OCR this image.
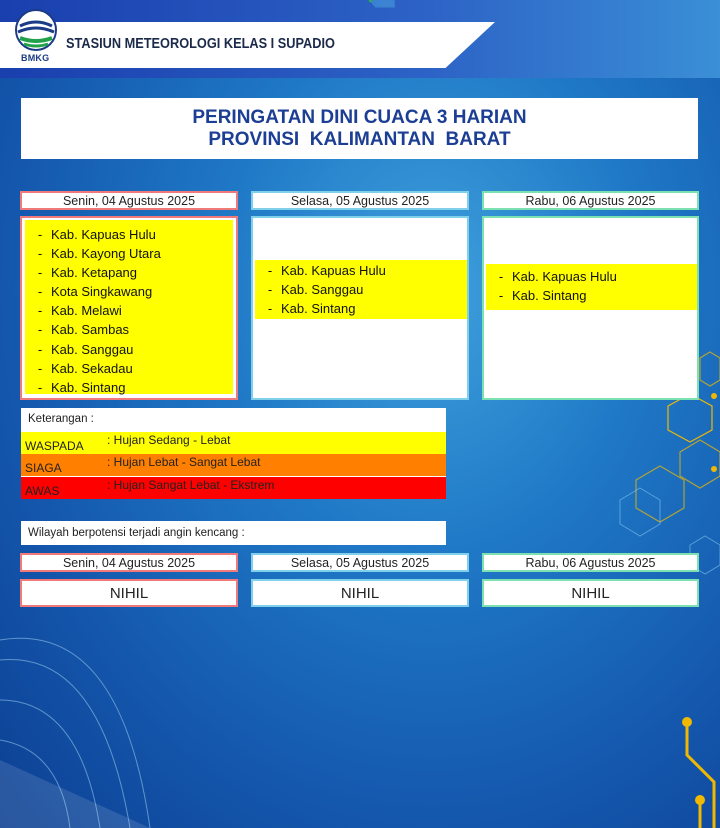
BMKG
STASIUN METEOROLOGI KELAS I SUPADIO
PERINGATAN DINI CUACA 3 HARIAN
PROVINSI  KALIMANTAN  BARAT
Senin, 04 Agustus 2025
- Kab. Kapuas Hulu
- Kab. Kayong Utara
- Kab. Ketapang
- Kota Singkawang
- Kab. Melawi
- Kab. Sambas
- Kab. Sanggau
- Kab. Sekadau
- Kab. Sintang
Selasa, 05 Agustus 2025
- Kab. Kapuas Hulu
- Kab. Sanggau
- Kab. Sintang
Rabu, 06 Agustus 2025
- Kab. Kapuas Hulu
- Kab. Sintang
Keterangan :
WASPADA : Hujan Sedang - Lebat
SIAGA	: Hujan Lebat - Sangat Lebat
AWAS	: Hujan Sangat Lebat - Ekstrem
Wilayah berpotensi terjadi angin kencang :
Senin, 04 Agustus 2025
NIHIL
Selasa, 05 Agustus 2025
NIHIL
Rabu, 06 Agustus 2025
NIHIL
